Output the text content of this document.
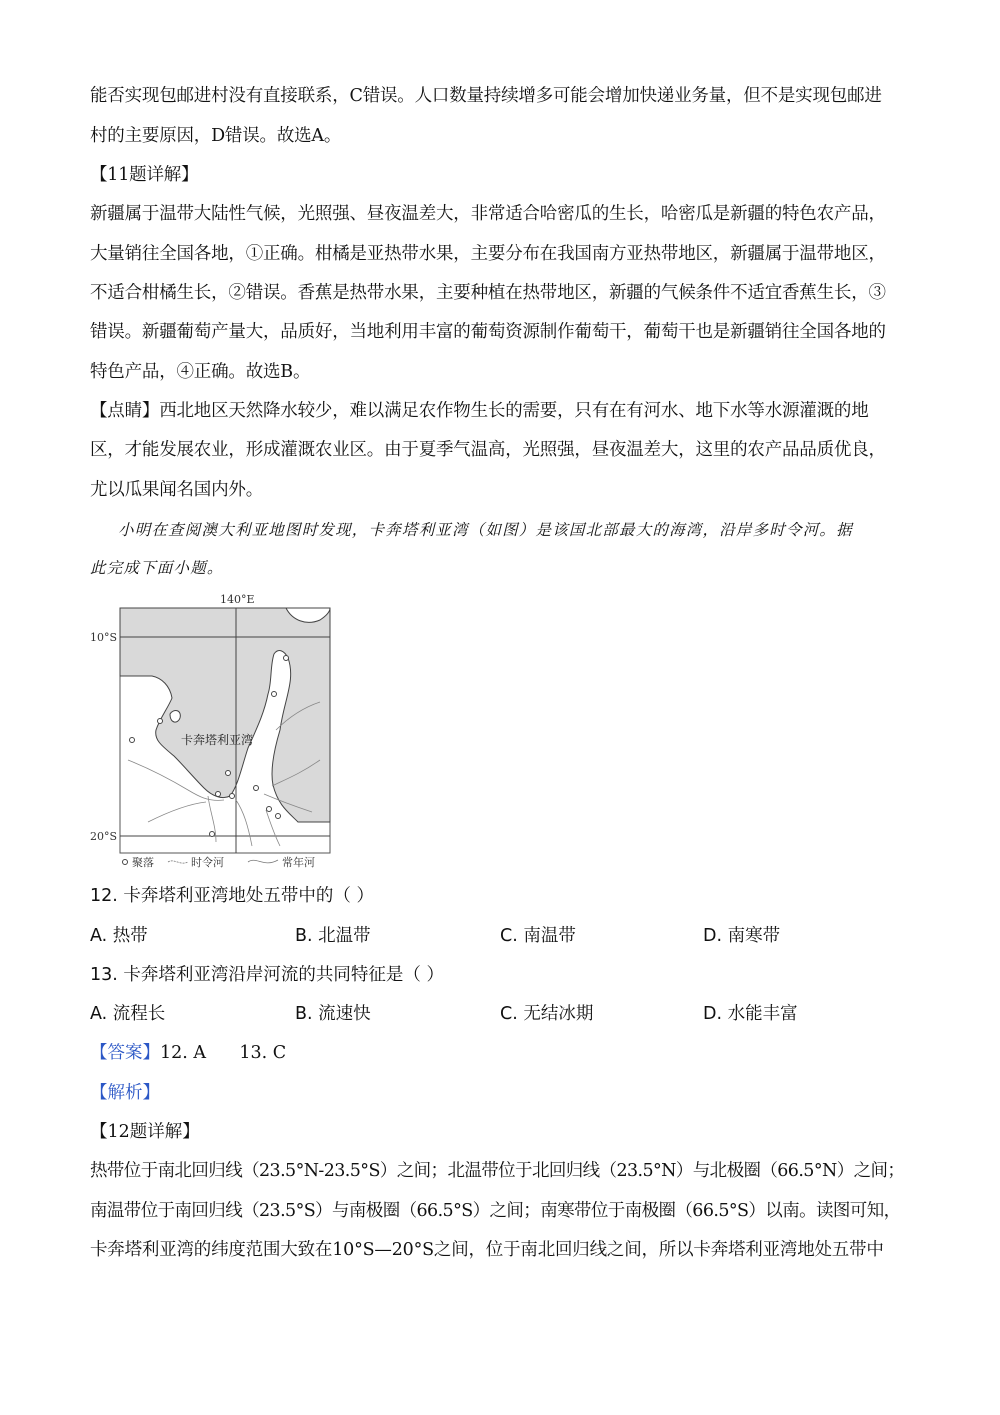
能否实现包邮进村没有直接联系，C错误。人口数量持续增多可能会增加快递业务量，但不是实现包邮进
村的主要原因，D错误。故选A。
【11题详解】
新疆属于温带大陆性气候，光照强、昼夜温差大，非常适合哈密瓜的生长，哈密瓜是新疆的特色农产品，
大量销往全国各地，①正确。柑橘是亚热带水果，主要分布在我国南方亚热带地区，新疆属于温带地区，
不适合柑橘生长，②错误。香蕉是热带水果，主要种植在热带地区，新疆的气候条件不适宜香蕉生长，③
错误。新疆葡萄产量大，品质好，当地利用丰富的葡萄资源制作葡萄干，葡萄干也是新疆销往全国各地的
特色产品，④正确。故选B。
【点睛】西北地区天然降水较少，难以满足农作物生长的需要，只有在有河水、地下水等水源灌溉的地
区，才能发展农业，形成灌溉农业区。由于夏季气温高，光照强，昼夜温差大，这里的农产品品质优良，
尤以瓜果闻名国内外。
小明在查阅澳大利亚地图时发现，卡奔塔利亚湾（如图）是该国北部最大的海湾，沿岸多时令河。据
此完成下面小题。
140°E
10°S
20°S
卡奔塔利亚湾
聚落	时令河	常年河
12. 卡奔塔利亚湾地处五带中的（ ）
A. 热带	B. 北温带	C. 南温带	D. 南寒带
13. 卡奔塔利亚湾沿岸河流的共同特征是（ ）
A. 流程长	B. 流速快	C. 无结冰期	D. 水能丰富
【答案】12. A      13. C
【解析】
【12题详解】
热带位于南北回归线（23.5°N-23.5°S）之间；北温带位于北回归线（23.5°N）与北极圈（66.5°N）之间；
南温带位于南回归线（23.5°S）与南极圈（66.5°S）之间；南寒带位于南极圈（66.5°S）以南。读图可知，
卡奔塔利亚湾的纬度范围大致在10°S—20°S之间，位于南北回归线之间，所以卡奔塔利亚湾地处五带中
